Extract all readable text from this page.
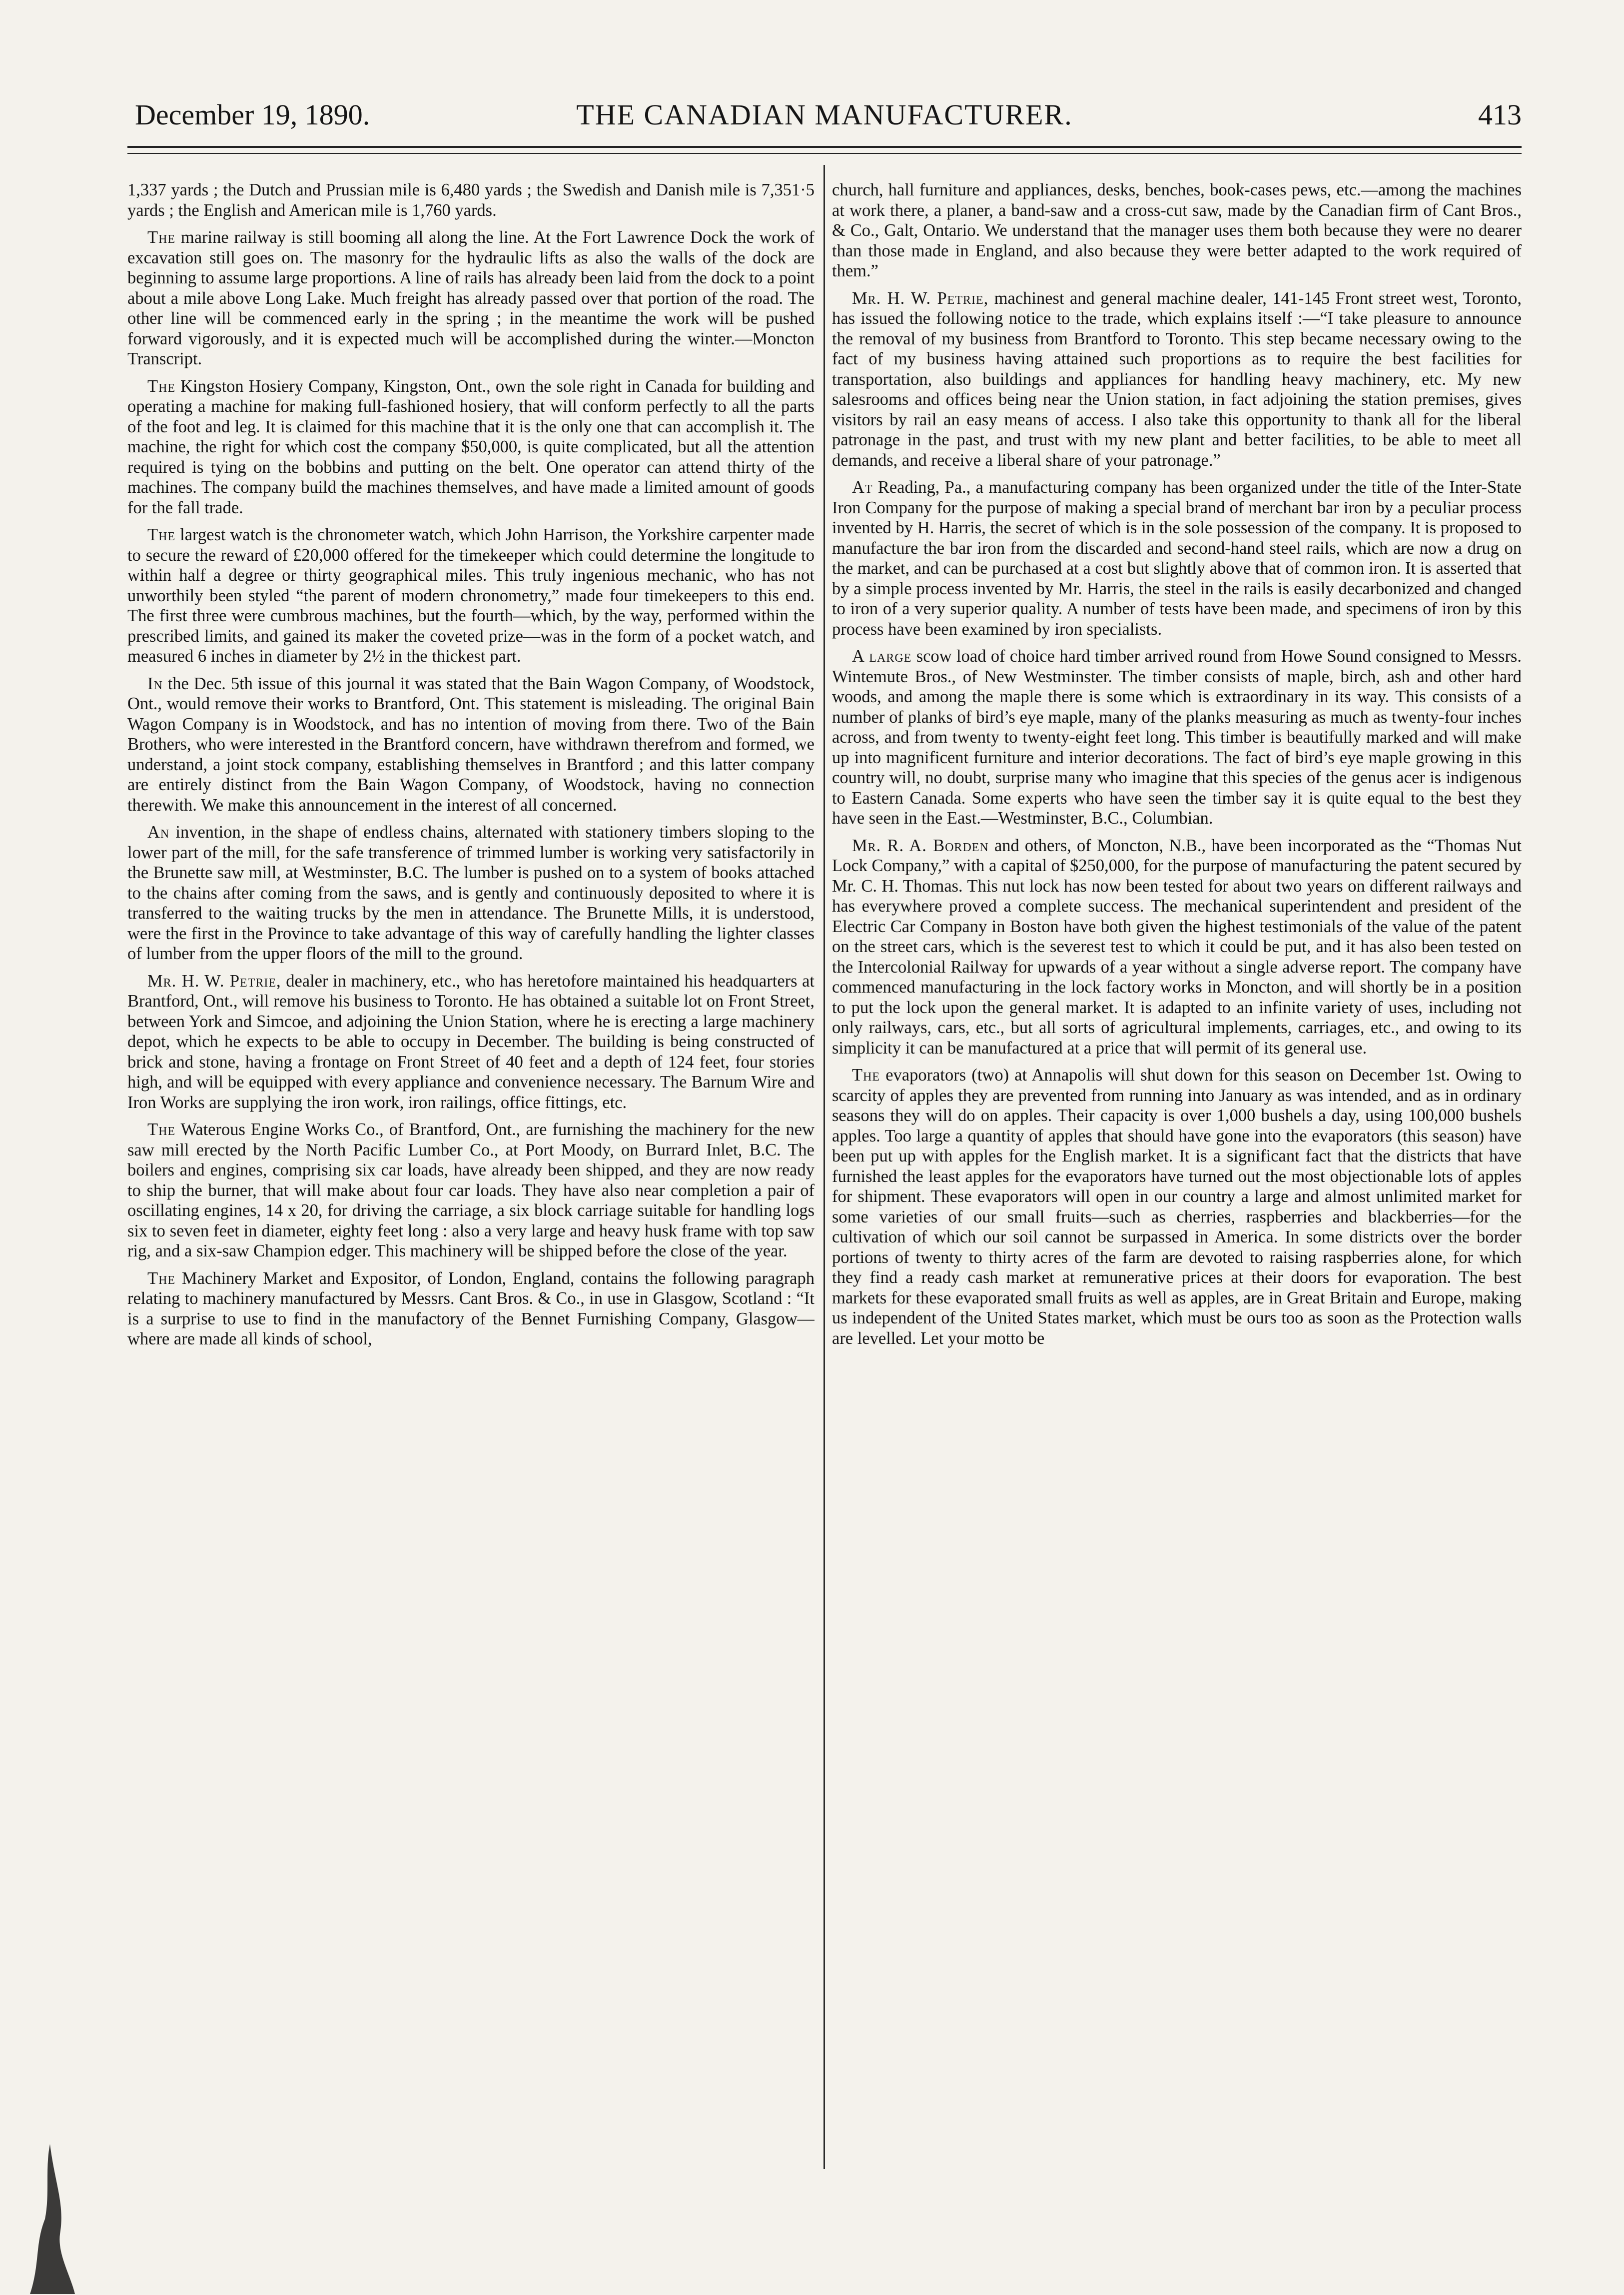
December 19, 1890.	THE CANADIAN MANUFACTURER.	413

1,337 yards ; the Dutch and Prussian mile is 6,480 yards ; the Swedish and Danish mile is 7,351·5 yards ; the English and American mile is 1,760 yards.

The marine railway is still booming all along the line. At the Fort Lawrence Dock the work of excavation still goes on. The masonry for the hydraulic lifts as also the walls of the dock are beginning to assume large proportions. A line of rails has already been laid from the dock to a point about a mile above Long Lake. Much freight has already passed over that portion of the road. The other line will be commenced early in the spring ; in the meantime the work will be pushed forward vigorously, and it is expected much will be accomplished during the winter.—Moncton Transcript.

The Kingston Hosiery Company, Kingston, Ont., own the sole right in Canada for building and operating a machine for making full-fashioned hosiery, that will conform perfectly to all the parts of the foot and leg. It is claimed for this machine that it is the only one that can accomplish it. The machine, the right for which cost the company $50,000, is quite complicated, but all the attention required is tying on the bobbins and putting on the belt. One operator can attend thirty of the machines. The company build the machines themselves, and have made a limited amount of goods for the fall trade.

The largest watch is the chronometer watch, which John Harrison, the Yorkshire carpenter made to secure the reward of £20,000 offered for the timekeeper which could determine the longitude to within half a degree or thirty geographical miles. This truly ingenious mechanic, who has not unworthily been styled “the parent of modern chronometry,” made four timekeepers to this end. The first three were cumbrous machines, but the fourth—which, by the way, performed within the prescribed limits, and gained its maker the coveted prize—was in the form of a pocket watch, and measured 6 inches in diameter by 2½ in the thickest part.

In the Dec. 5th issue of this journal it was stated that the Bain Wagon Company, of Woodstock, Ont., would remove their works to Brantford, Ont. This statement is misleading. The original Bain Wagon Company is in Woodstock, and has no intention of moving from there. Two of the Bain Brothers, who were interested in the Brantford concern, have withdrawn therefrom and formed, we understand, a joint stock company, establishing themselves in Brantford ; and this latter company are entirely distinct from the Bain Wagon Company, of Woodstock, having no connection therewith. We make this announcement in the interest of all concerned.

An invention, in the shape of endless chains, alternated with stationery timbers sloping to the lower part of the mill, for the safe transference of trimmed lumber is working very satisfactorily in the Brunette saw mill, at Westminster, B.C. The lumber is pushed on to a system of books attached to the chains after coming from the saws, and is gently and continuously deposited to where it is transferred to the waiting trucks by the men in attendance. The Brunette Mills, it is understood, were the first in the Province to take advantage of this way of carefully handling the lighter classes of lumber from the upper floors of the mill to the ground.

Mr. H. W. Petrie, dealer in machinery, etc., who has heretofore maintained his headquarters at Brantford, Ont., will remove his business to Toronto. He has obtained a suitable lot on Front Street, between York and Simcoe, and adjoining the Union Station, where he is erecting a large machinery depot, which he expects to be able to occupy in December. The building is being constructed of brick and stone, having a frontage on Front Street of 40 feet and a depth of 124 feet, four stories high, and will be equipped with every appliance and convenience necessary. The Barnum Wire and Iron Works are supplying the iron work, iron railings, office fittings, etc.

The Waterous Engine Works Co., of Brantford, Ont., are furnishing the machinery for the new saw mill erected by the North Pacific Lumber Co., at Port Moody, on Burrard Inlet, B.C. The boilers and engines, comprising six car loads, have already been shipped, and they are now ready to ship the burner, that will make about four car loads. They have also near completion a pair of oscillating engines, 14 x 20, for driving the carriage, a six block carriage suitable for handling logs six to seven feet in diameter, eighty feet long : also a very large and heavy husk frame with top saw rig, and a six-saw Champion edger. This machinery will be shipped before the close of the year.

The Machinery Market and Expositor, of London, England, contains the following paragraph relating to machinery manufactured by Messrs. Cant Bros. & Co., in use in Glasgow, Scotland : “It is a surprise to use to find in the manufactory of the Bennet Furnishing Company, Glasgow—where are made all kinds of school,

church, hall furniture and appliances, desks, benches, book-cases pews, etc.—among the machines at work there, a planer, a band-saw and a cross-cut saw, made by the Canadian firm of Cant Bros., & Co., Galt, Ontario. We understand that the manager uses them both because they were no dearer than those made in England, and also because they were better adapted to the work required of them.”

Mr. H. W. Petrie, machinest and general machine dealer, 141-145 Front street west, Toronto, has issued the following notice to the trade, which explains itself :—“I take pleasure to announce the removal of my business from Brantford to Toronto. This step became necessary owing to the fact of my business having attained such proportions as to require the best facilities for transportation, also buildings and appliances for handling heavy machinery, etc. My new salesrooms and offices being near the Union station, in fact adjoining the station premises, gives visitors by rail an easy means of access. I also take this opportunity to thank all for the liberal patronage in the past, and trust with my new plant and better facilities, to be able to meet all demands, and receive a liberal share of your patronage.”

At Reading, Pa., a manufacturing company has been organized under the title of the Inter-State Iron Company for the purpose of making a special brand of merchant bar iron by a peculiar process invented by H. Harris, the secret of which is in the sole possession of the company. It is proposed to manufacture the bar iron from the discarded and second-hand steel rails, which are now a drug on the market, and can be purchased at a cost but slightly above that of common iron. It is asserted that by a simple process invented by Mr. Harris, the steel in the rails is easily decarbonized and changed to iron of a very superior quality. A number of tests have been made, and specimens of iron by this process have been examined by iron specialists.

A large scow load of choice hard timber arrived round from Howe Sound consigned to Messrs. Wintemute Bros., of New Westminster. The timber consists of maple, birch, ash and other hard woods, and among the maple there is some which is extraordinary in its way. This consists of a number of planks of bird’s eye maple, many of the planks measuring as much as twenty-four inches across, and from twenty to twenty-eight feet long. This timber is beautifully marked and will make up into magnificent furniture and interior decorations. The fact of bird’s eye maple growing in this country will, no doubt, surprise many who imagine that this species of the genus acer is indigenous to Eastern Canada. Some experts who have seen the timber say it is quite equal to the best they have seen in the East.—Westminster, B.C., Columbian.

Mr. R. A. Borden and others, of Moncton, N.B., have been incorporated as the “Thomas Nut Lock Company,” with a capital of $250,000, for the purpose of manufacturing the patent secured by Mr. C. H. Thomas. This nut lock has now been tested for about two years on different railways and has everywhere proved a complete success. The mechanical superintendent and president of the Electric Car Company in Boston have both given the highest testimonials of the value of the patent on the street cars, which is the severest test to which it could be put, and it has also been tested on the Intercolonial Railway for upwards of a year without a single adverse report. The company have commenced manufacturing in the lock factory works in Moncton, and will shortly be in a position to put the lock upon the general market. It is adapted to an infinite variety of uses, including not only railways, cars, etc., but all sorts of agricultural implements, carriages, etc., and owing to its simplicity it can be manufactured at a price that will permit of its general use.

The evaporators (two) at Annapolis will shut down for this season on December 1st. Owing to scarcity of apples they are prevented from running into January as was intended, and as in ordinary seasons they will do on apples. Their capacity is over 1,000 bushels a day, using 100,000 bushels apples. Too large a quantity of apples that should have gone into the evaporators (this season) have been put up with apples for the English market. It is a significant fact that the districts that have furnished the least apples for the evaporators have turned out the most objectionable lots of apples for shipment. These evaporators will open in our country a large and almost unlimited market for some varieties of our small fruits—such as cherries, raspberries and blackberries—for the cultivation of which our soil cannot be surpassed in America. In some districts over the border portions of twenty to thirty acres of the farm are devoted to raising raspberries alone, for which they find a ready cash market at remunerative prices at their doors for evaporation. The best markets for these evaporated small fruits as well as apples, are in Great Britain and Europe, making us independent of the United States market, which must be ours too as soon as the Protection walls are levelled. Let your motto be
